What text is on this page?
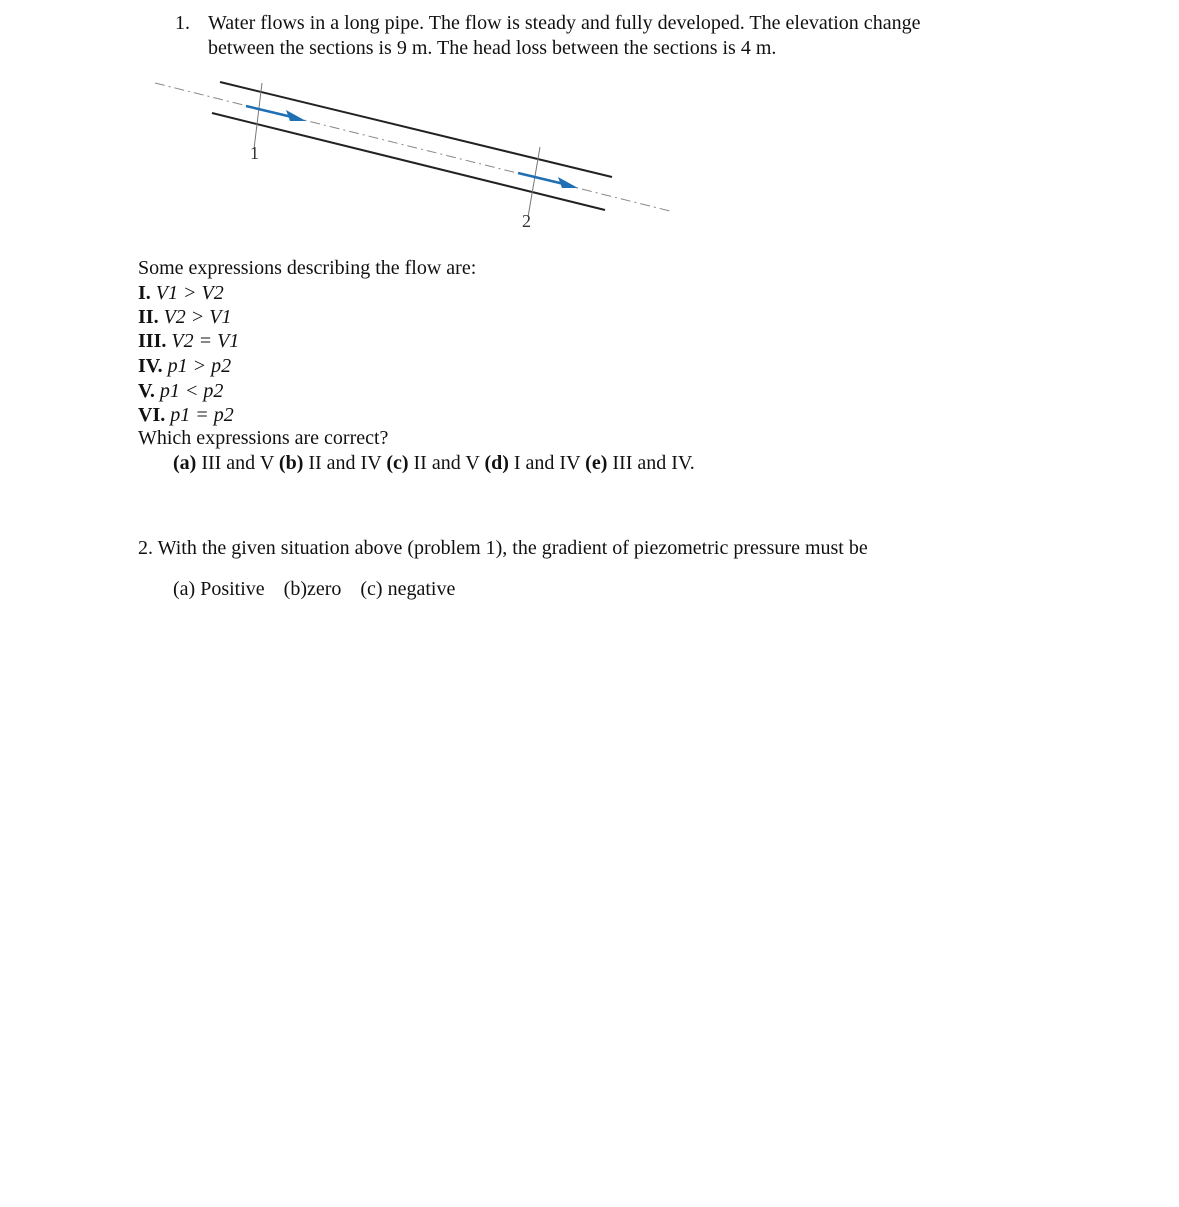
1. Water flows in a long pipe. The flow is steady and fully developed. The elevation change
between the sections is 9 m. The head loss between the sections is 4 m.
1
2
Some expressions describing the flow are:
I. V1 > V2
II. V2 > V1
III. V2 = V1
IV. p1 > p2
V. p1 < p2
VI. p1 = p2
Which expressions are correct?
(a) III and V (b) II and IV (c) II and V (d) I and IV (e) III and IV.
2. With the given situation above (problem 1), the gradient of piezometric pressure must be
(a) Positive (b)zero (c) negative
